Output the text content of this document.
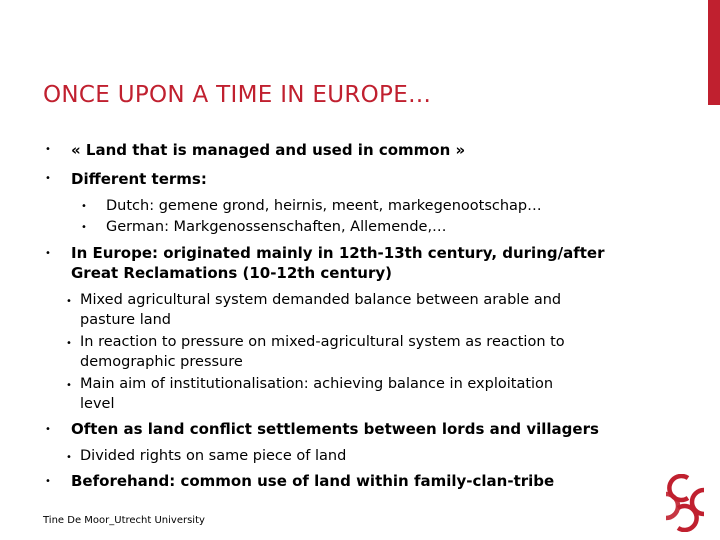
ONCE UPON A TIME IN EUROPE…
• « Land that is managed and used in common »
• Different terms:
• Dutch: gemene grond, heirnis, meent, markegenootschap…
• German: Markgenossenschaften, Allemende,…
• In Europe: originated mainly in 12th-13th century, during/after
Great Reclamations (10-12th century)
• Mixed agricultural system demanded balance between arable and
pasture land
• In reaction to pressure on mixed-agricultural system as reaction to
demographic pressure
• Main aim of institutionalisation: achieving balance in exploitation
level
• Often as land conflict settlements between lords and villagers
• Divided rights on same piece of land
• Beforehand: common use of land within family-clan-tribe
Tine De Moor_Utrecht University
